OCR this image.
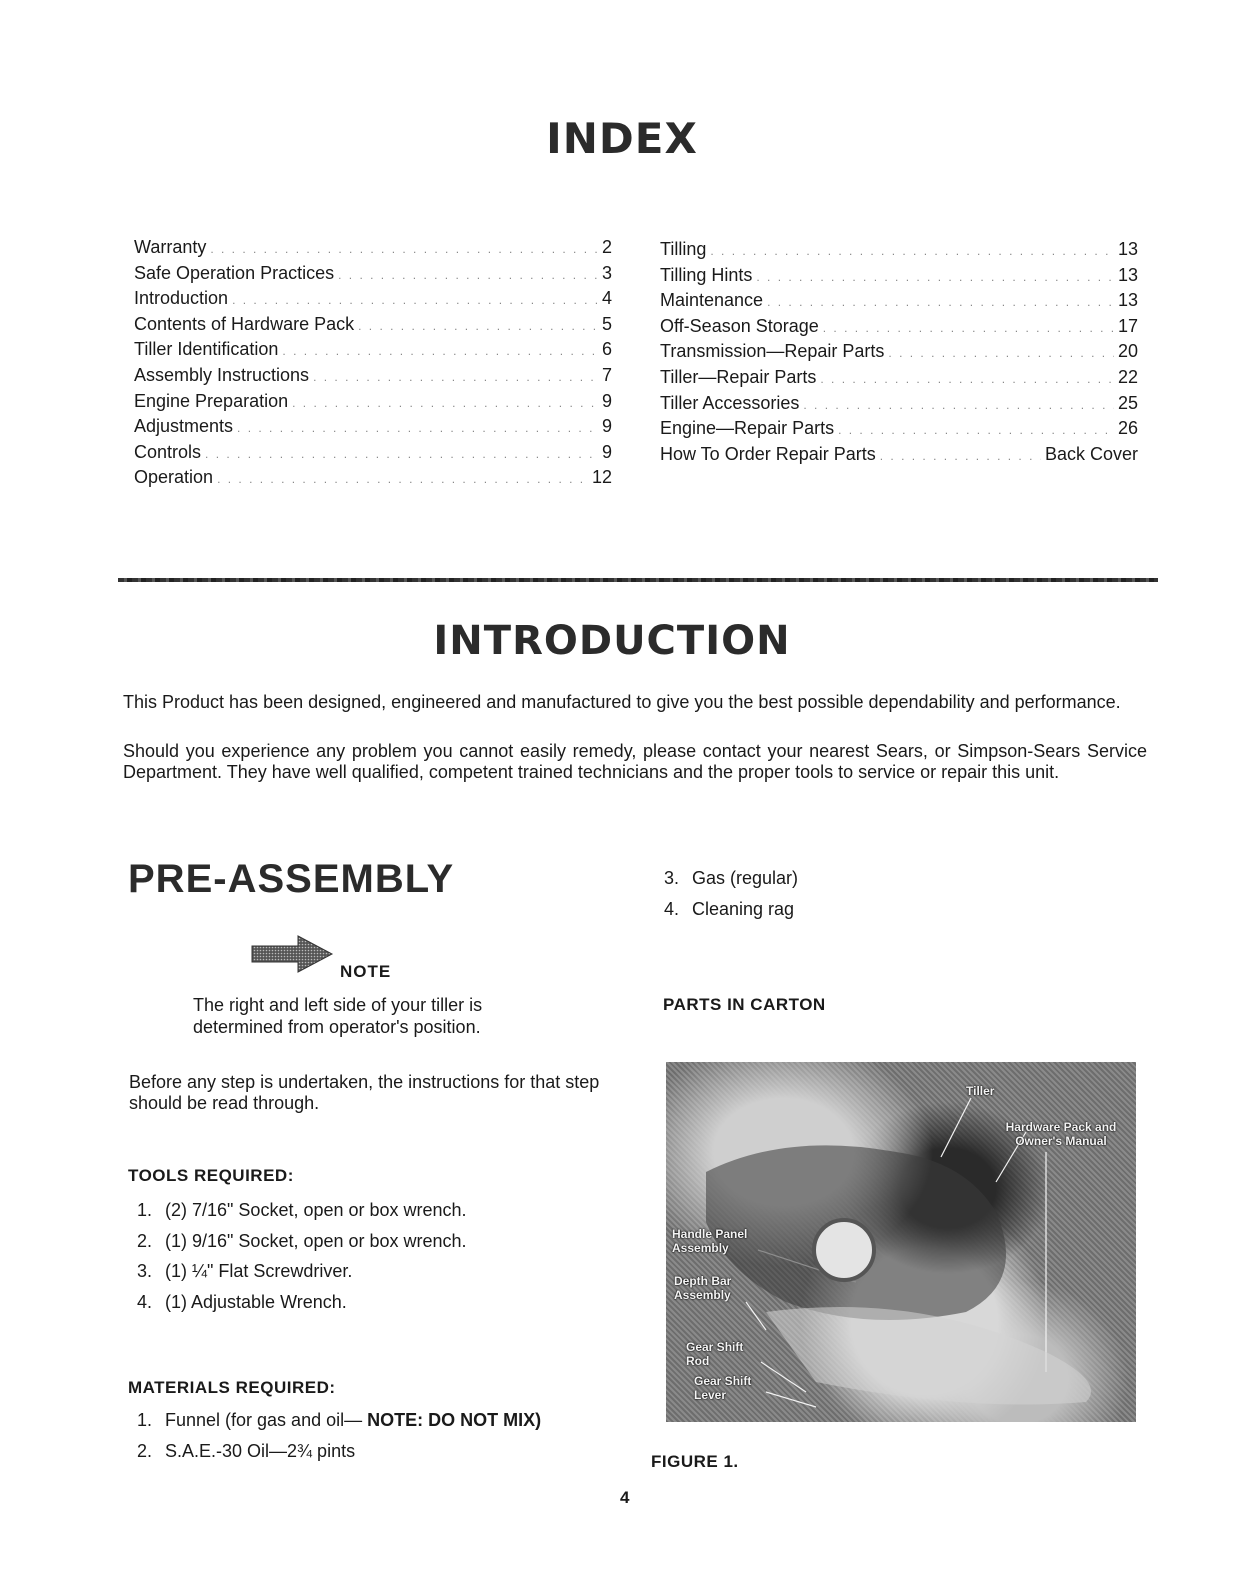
INDEX
Warranty . . .	2
Safe Operation Practices . . .	3
Introduction . . .	4
Contents of Hardware Pack . . .	5
Tiller Identification . . .	6
Assembly Instructions . . .	7
Engine Preparation . . .	9
Adjustments . . .	9
Controls . . .	9
Operation . . .	12
Tilling . . .	13
Tilling Hints . . .	13
Maintenance . . .	13
Off-Season Storage . . .	17
Transmission—Repair Parts . . .	20
Tiller—Repair Parts . . .	22
Tiller Accessories . . .	25
Engine—Repair Parts . . .	26
How To Order Repair Parts . . .	Back Cover
INTRODUCTION
This Product has been designed, engineered and manufactured to give you the best possible dependability and performance.
Should you experience any problem you cannot easily remedy, please contact your nearest Sears, or Simpson-Sears Service Department. They have well qualified, competent trained technicians and the proper tools to service or repair this unit.
PRE-ASSEMBLY
NOTE
The right and left side of your tiller is determined from operator's position.
Before any step is undertaken, the instructions for that step should be read through.
TOOLS REQUIRED:
1. (2) 7/16" Socket, open or box wrench.
2. (1) 9/16" Socket, open or box wrench.
3. (1) ¼" Flat Screwdriver.
4. (1) Adjustable Wrench.
MATERIALS REQUIRED:
1. Funnel (for gas and oil— NOTE: DO NOT MIX)
2. S.A.E.-30 Oil—2¾ pints
3. Gas (regular)
4. Cleaning rag
PARTS IN CARTON
Tiller
Hardware Pack and Owner's Manual
Handle Panel Assembly
Depth Bar Assembly
Gear Shift Rod
Gear Shift Lever
FIGURE 1.
4
